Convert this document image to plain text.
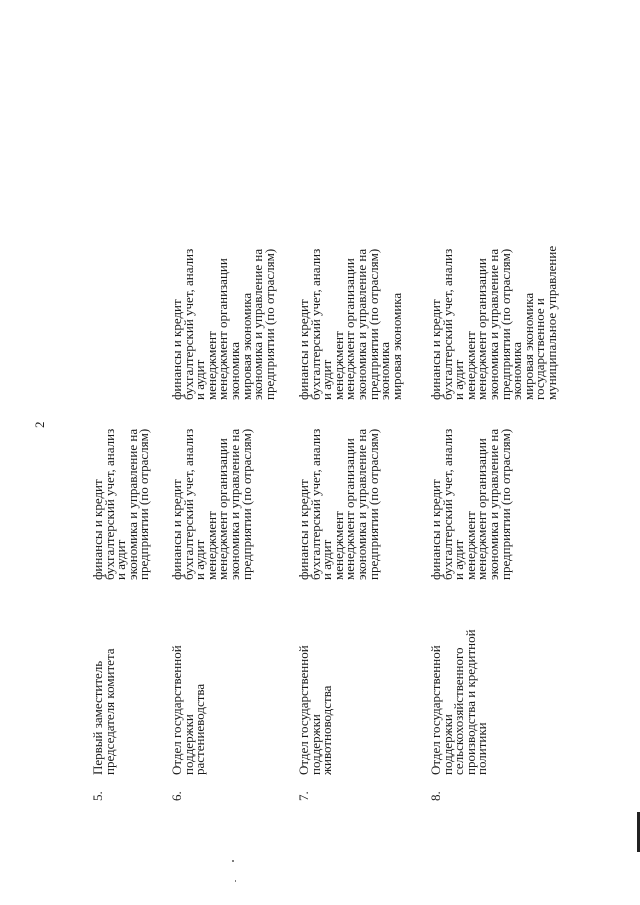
2
5.
Первый заместитель
председателя комитета
финансы и кредит
бухгалтерский учет, анализ
и аудит
экономика и управление на
предприятии (по отраслям)
6.
Отдел государственной
поддержки
растениеводства
финансы и кредит
бухгалтерский учет, анализ
и аудит
менеджмент
менеджмент организации
экономика и управление на
предприятии (по отраслям)
финансы и кредит
бухгалтерский учет, анализ
и аудит
менеджмент
менеджмент организации
экономика
мировая экономика
экономика и управление на
предприятии (по отраслям)
7.
Отдел государственной
поддержки
животноводства
финансы и кредит
бухгалтерский учет, анализ
и аудит
менеджмент
менеджмент организации
экономика и управление на
предприятии (по отраслям)
финансы и кредит
бухгалтерский учет, анализ
и аудит
менеджмент
менеджмент организации
экономика и управление на
предприятии (по отраслям)
экономика
мировая экономика
8.
Отдел государственной
поддержки
сельскохозяйственного
производства и кредитной
политики
финансы и кредит
бухгалтерский учет, анализ
и аудит
менеджмент
менеджмент организации
экономика и управление на
предприятии (по отраслям)
финансы и кредит
бухгалтерский учет, анализ
и аудит
менеджмент
менеджмент организации
экономика и управление на
предприятии (по отраслям)
экономика
мировая экономика
государственное и
муниципальное управление
